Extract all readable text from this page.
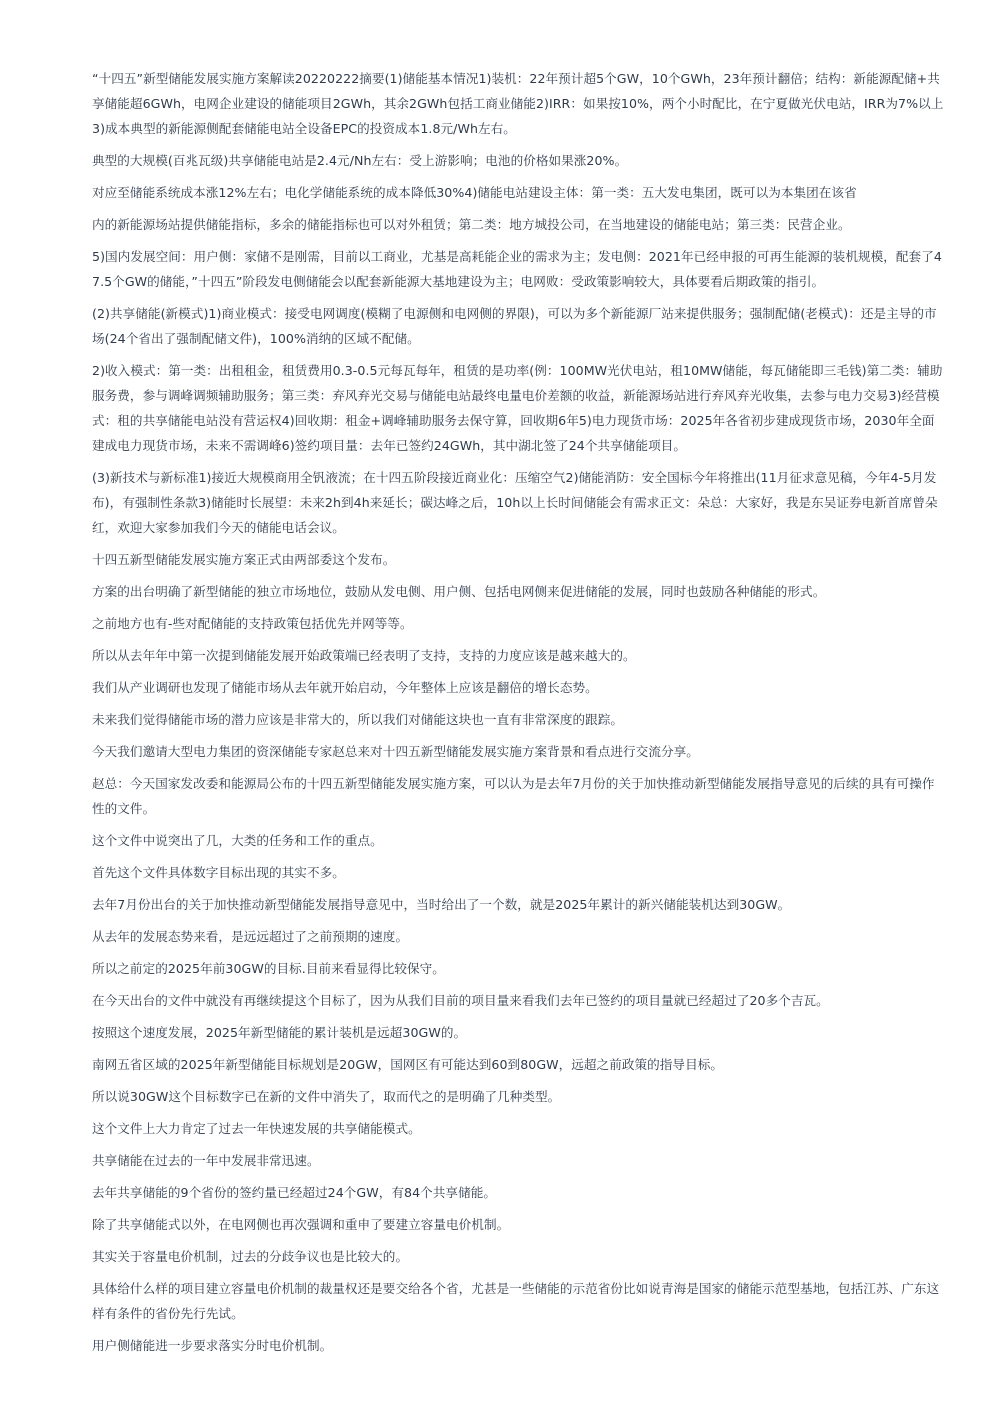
“十四五”新型储能发展实施方案解读20220222摘要(1)储能基本情况1)装机：22年预计超5个GW，10个GWh，23年预计翻倍；结构：新能源配储+共享储能超6GWh，电网企业建设的储能项目2GWh，其余2GWh包括工商业储能2)IRR：如果按10%，两个小时配比，在宁夏做光伏电站，IRR为7%以上3)成本典型的新能源侧配套储能电站全设备EPC的投资成本1.8元/Wh左右。

典型的大规模(百兆瓦级)共享储能电站是2.4元/Nh左右：受上游影响；电池的价格如果涨20%。

对应至储能系统成本涨12%左右；电化学储能系统的成本降低30%4)储能电站建设主体：第一类：五大发电集团，既可以为本集团在该省

内的新能源场站提供储能指标，多余的储能指标也可以对外租赁；第二类：地方城投公司，在当地建设的储能电站；第三类：民营企业。

5)国内发展空间：用户侧：家储不是刚需，目前以工商业，尤基是高耗能企业的需求为主；发电侧：2021年已经申报的可再生能源的装机规模，配套了47.5个GW的储能，”十四五”阶段发电侧储能会以配套新能源大基地建设为主；电网败：受政策影响较大，具体要看后期政策的指引。

(2)共享储能(新模式)1)商业模式：接受电网调度(模糊了电源侧和电网侧的界限)，可以为多个新能源厂站来提供服务；强制配储(老模式)：还是主导的市场(24个省出了强制配储文件)，100%消纳的区域不配储。

2)收入模式：第一类：出租租金，租赁费用0.3-0.5元每瓦每年，租赁的是功率(例：100MW光伏电站，租10MW储能，每瓦储能即三毛钱)第二类：辅助服务费，参与调峰调频辅助服务；第三类：弃风弃光交易与储能电站最终电量电价差额的收益，新能源场站进行弃风弃光收集，去参与电力交易3)经营模式：租的共享储能电站没有营运权4)回收期：租金+调峰辅助服务去保守算，回收期6年5)电力现货市场：2025年各省初步建成现货市场，2030年全面建成电力现货市场，未来不需调峰6)签约项目量：去年已签约24GWh，其中湖北签了24个共享储能项目。

(3)新技术与新标准1)接近大规模商用全钒液流；在十四五阶段接近商业化：压缩空气2)储能消防：安全国标今年将推出(11月征求意见稿，今年4-5月发布)，有强制性条款3)储能时长展望：未来2h到4h来延长；碳达峰之后，10h以上长时间储能会有需求正文：朵总：大家好，我是东吴证券电新首席曾朵红，欢迎大家参加我们今天的储能电话会议。

十四五新型储能发展实施方案正式由两部委这个发布。

方案的出台明确了新型储能的独立市场地位，鼓励从发电侧、用户侧、包括电网侧来促进储能的发展，同时也鼓励各种储能的形式。

之前地方也有-些对配储能的支持政策包括优先并网等等。

所以从去年年中第一次提到储能发展开始政策端已经表明了支持，支持的力度应该是越来越大的。

我们从产业调研也发现了储能市场从去年就开始启动，今年整体上应该是翻倍的增长态势。

未来我们觉得储能市场的潜力应该是非常大的，所以我们对储能这块也一直有非常深度的跟踪。

今天我们邀请大型电力集团的资深储能专家赵总来对十四五新型储能发展实施方案背景和看点进行交流分享。

赵总：今天国家发改委和能源局公布的十四五新型储能发展实施方案，可以认为是去年7月份的关于加快推动新型储能发展指导意见的后续的具有可操作性的文件。

这个文件中说突出了几，大类的任务和工作的重点。

首先这个文件具体数字目标出现的其实不多。

去年7月份出台的关于加快推动新型储能发展指导意见中，当时给出了一个数，就是2025年累计的新兴储能装机达到30GW。

从去年的发展态势来看，是远远超过了之前预期的速度。

所以之前定的2025年前30GW的目标.目前来看显得比较保守。

在今天出台的文件中就没有再继续提这个目标了，因为从我们目前的项目量来看我们去年已签约的项目量就已经超过了20多个吉瓦。

按照这个速度发展，2025年新型储能的累计装机是远超30GW的。

南网五省区域的2025年新型储能目标规划是20GW，国网区有可能达到60到80GW，远超之前政策的指导目标。

所以说30GW这个目标数字已在新的文件中消失了，取而代之的是明确了几种类型。

这个文件上大力肯定了过去一年快速发展的共享储能模式。

共享储能在过去的一年中发展非常迅速。

去年共享储能的9个省份的签约量已经超过24个GW，有84个共享储能。

除了共享储能式以外，在电网侧也再次强调和重申了要建立容量电价机制。

其实关于容量电价机制，过去的分歧争议也是比较大的。

具体给什么样的项目建立容量电价机制的裁量权还是要交给各个省，尤甚是一些储能的示范省份比如说青海是国家的储能示范型基地，包括江苏、广东这样有条件的省份先行先试。

用户侧储能进一步要求落实分时电价机制。
